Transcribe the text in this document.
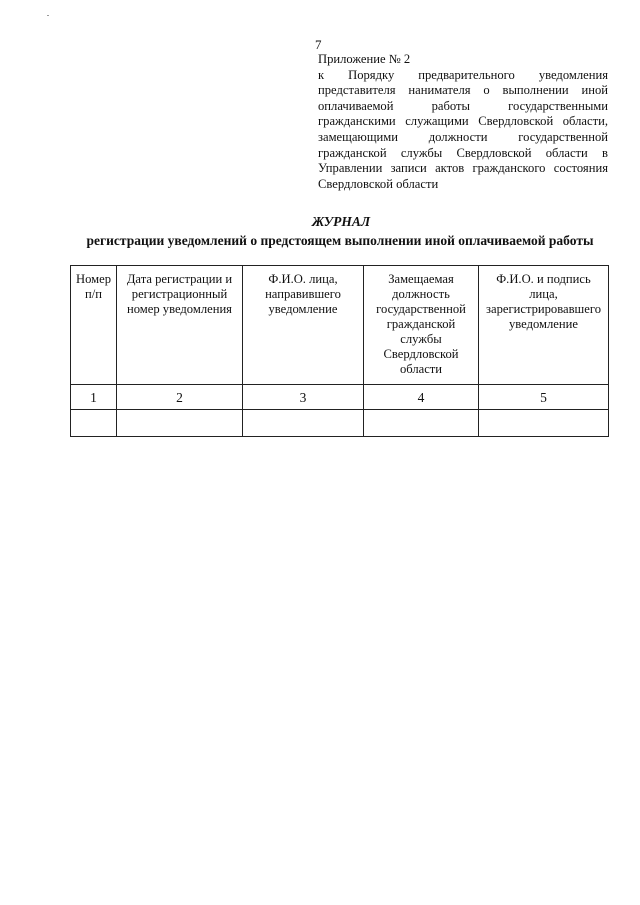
7
Приложение № 2
к Порядку предварительного уведомления представителя нанимателя о выполнении иной оплачиваемой работы государственными гражданскими служащими Свердловской области, замещающими должности государственной гражданской службы Свердловской области в Управлении записи актов гражданского состояния Свердловской области
ЖУРНАЛ
регистрации уведомлений о предстоящем выполнении иной оплачиваемой работы
Номер п/п	Дата регистрации и регистрационный номер уведомления	Ф.И.О. лица, направившего уведомление	Замещаемая должность государственной гражданской службы Свердловской области	Ф.И.О. и подпись лица, зарегистрировавшего уведомление
1	2	3	4	5
